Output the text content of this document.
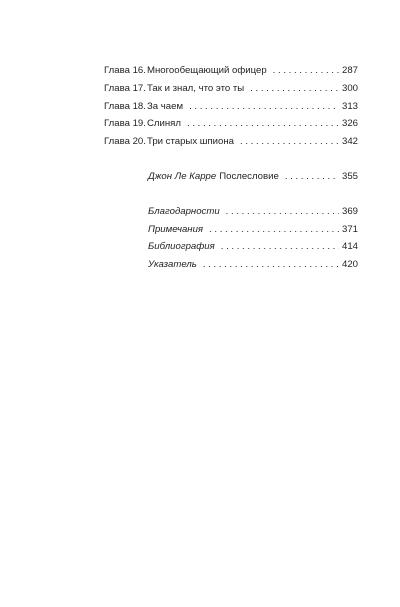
Глава 16. Многообещающий офицер . . .	287
Глава 17. Так и знал, что это ты . . .	300
Глава 18. За чаем . . .	313
Глава 19. Слинял . . .	326
Глава 20. Три старых шпиона . . .	342
Джон Ле Карре Послесловие . . .	355
Благодарности . . .	369
Примечания . . .	371
Библиография . . .	414
Указатель . . .	420
